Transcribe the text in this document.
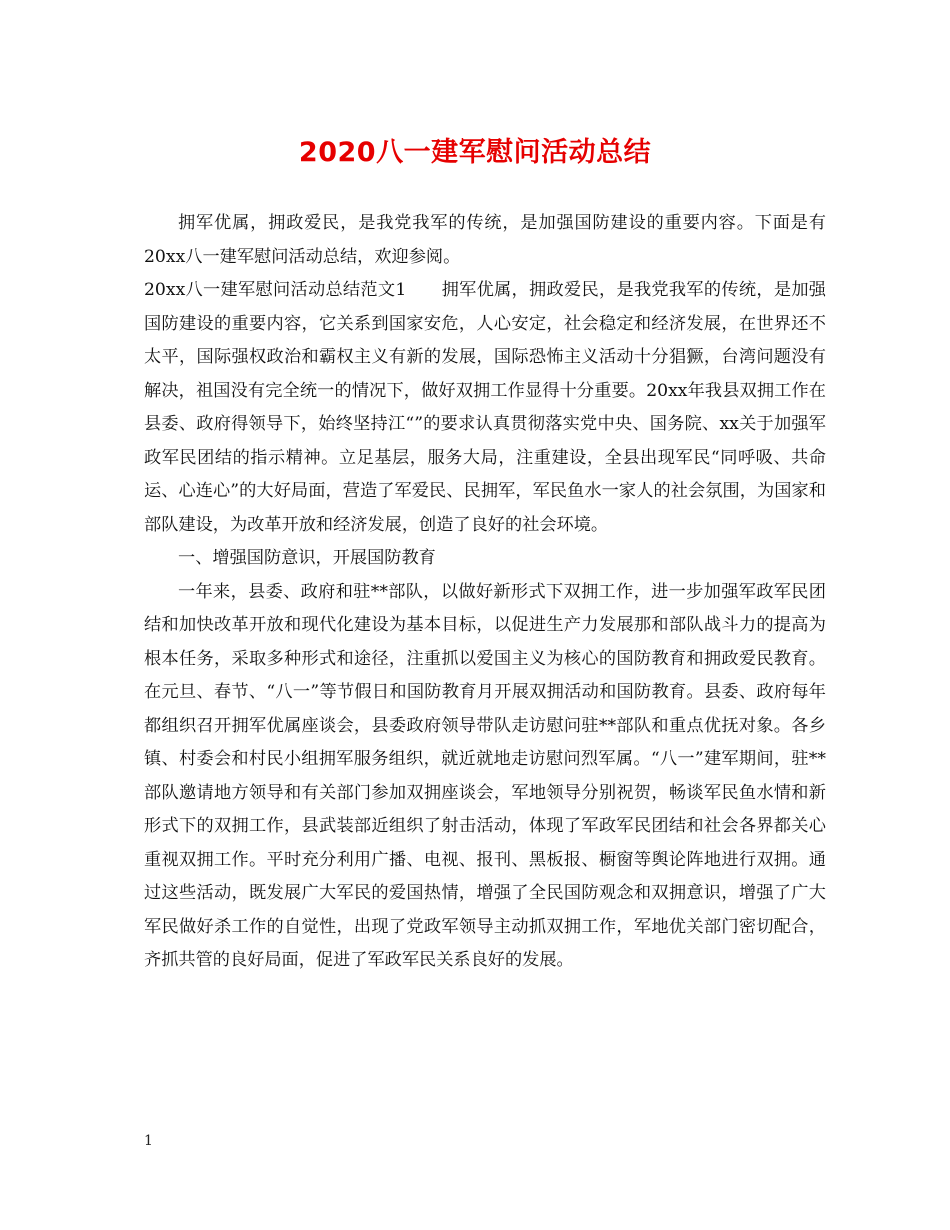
2020八一建军慰问活动总结

拥军优属，拥政爱民，是我党我军的传统，是加强国防建设的重要内容。下面是有20xx八一建军慰问活动总结，欢迎参阅。

20xx八一建军慰问活动总结范文1　　拥军优属，拥政爱民，是我党我军的传统，是加强国防建设的重要内容，它关系到国家安危，人心安定，社会稳定和经济发展，在世界还不太平，国际强权政治和霸权主义有新的发展，国际恐怖主义活动十分猖獗，台湾问题没有解决，祖国没有完全统一的情况下，做好双拥工作显得十分重要。20xx年我县双拥工作在县委、政府得领导下，始终坚持江“”的要求认真贯彻落实党中央、国务院、xx关于加强军政军民团结的指示精神。立足基层，服务大局，注重建设，全县出现军民“同呼吸、共命运、心连心”的大好局面，营造了军爱民、民拥军，军民鱼水一家人的社会氛围，为国家和部队建设，为改革开放和经济发展，创造了良好的社会环境。

一、增强国防意识，开展国防教育

一年来，县委、政府和驻**部队，以做好新形式下双拥工作，进一步加强军政军民团结和加快改革开放和现代化建设为基本目标，以促进生产力发展那和部队战斗力的提高为根本任务，采取多种形式和途径，注重抓以爱国主义为核心的国防教育和拥政爱民教育。在元旦、春节、“八一”等节假日和国防教育月开展双拥活动和国防教育。县委、政府每年都组织召开拥军优属座谈会，县委政府领导带队走访慰问驻**部队和重点优抚对象。各乡镇、村委会和村民小组拥军服务组织，就近就地走访慰问烈军属。“八一”建军期间，驻**部队邀请地方领导和有关部门参加双拥座谈会，军地领导分别祝贺，畅谈军民鱼水情和新形式下的双拥工作，县武装部近组织了射击活动，体现了军政军民团结和社会各界都关心重视双拥工作。平时充分利用广播、电视、报刊、黑板报、橱窗等舆论阵地进行双拥。通过这些活动，既发展广大军民的爱国热情，增强了全民国防观念和双拥意识，增强了广大军民做好杀工作的自觉性，出现了党政军领导主动抓双拥工作，军地优关部门密切配合，齐抓共管的良好局面，促进了军政军民关系良好的发展。

1
